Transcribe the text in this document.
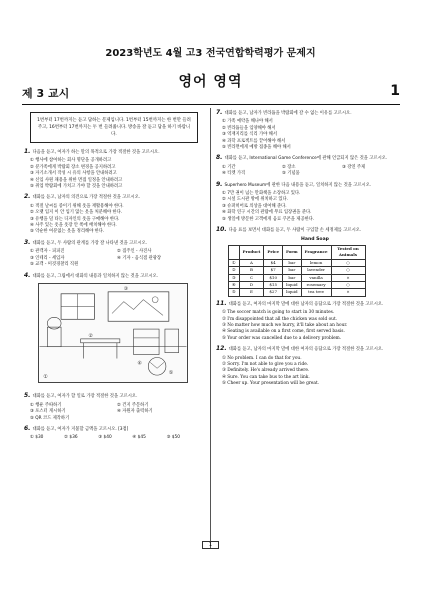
2023학년도 4월 고3 전국연합학력평가 문제지
영어 영역
제 3 교시	1
1번부터 17번까지는 듣고 답하는 문제입니다. 1번부터 15번까지는 한 번만 들려주고, 16번부터 17번까지는 두 번 들려줍니다. 방송을 잘 듣고 답을 하기 바랍니다.
1. 다음을 듣고, 여자가 하는 말의 목적으로 가장 적절한 것을 고르시오.
① 행사에 참여하는 회사 명단을 공개하려고
② 분가족에게 박람회 장소 변경을 공지하려고
③ 자기소개서 작성 시 유의 사항을 안내하려고
④ 신입 사원 채용을 위한 면접 일정을 안내하려고
⑤ 취업 박람회에 가치고 가야 할 것을 안내하려고
2. 대화를 듣고, 남자의 의견으로 가장 적절한 것을 고르시오.
① 적절 날씨를 증이기 위해 옷을 재활용해야 한다.
② 오랫 입지 이 안 입기 않는 옷을 처분해야 한다.
③ 유행을 덜 타는 디자인의 옷을 구매해야 한다.
④ 사주 있는 옷을 옷장 안 쪽에 배치해야 한다.
⑤ 악순한 여분없는 옷을 정리해야 한다.
3. 대화를 듣고, 두 사람의 관계를 가장 잘 나타낸 것을 고르시오.
① 관객자 - 피피진	② 집주인 - 사진사
③ 인테리 - 세입자	④ 기자 - 음식점 관광장
⑤ 교객 - 미것경찰리 직원
4. 대화를 듣고, 그림에서 대화의 내용과 일치하지 않는 것을 고르시오.
①
②
③
④
⑤
5. 대화를 듣고, 여자가 할 일로 가장 적절한 것을 고르시오.
① 행운 주따하기	② 건지 주문하기
③ 포스터 게시하기	④ 자원자 출력하기
⑤ QR 코드 제작하기
6. 대화를 듣고, 여자가 지불할 금액을 고르시오. [3점]
① $30	② $36	③ $40	④ $45	⑤ $50
7. 대화를 듣고, 남자가 빈라듐을 박람회에 갈 수 없는 이유를 고르시오.
① 가족 예약을 해나야 해서
② 빈라듐들을 입양해야 해서
③ 역재지리를 식리 가야 해서
④ 과학 프로젝트를 끝어해야 해서
⑤ 빈라면에게 예방 접종을 해야 해서
8. 대화를 듣고, International Game Conference에 관해 언급되지 않은 것을 고르시오.
① 기간	② 장소	③ 강연 주제
④ 티켓 가격	⑤ 기념품
9. Superhero Museum에 관한 다음 내용을 듣고, 일치하지 않는 것을 고르시오.
① 7만 권이 넘는 만화책을 소장하고 있다.
② 시설 도시관 방에 위치하고 있다.
③ 슈퍼히어로 의상을 대여해 준다.
④ 화학 연구 시간의 관람에 무료 입장권을 준다.
⑤ 생일에 방문한 고객에게 음료 쿠폰을 제공한다.
10. 다음 표를 보면서 대화를 듣고, 두 사람이 구입할 손 세정제를 고르시오.
Hand Soap
	Product	Price	Form	Fragrance	Tested on Animals
①	A	$4	bar	lemon	○
②	B	$7	bar	lavender	○
③	C	$10	bar	vanilla	×
④	D	$15	liquid	rosemary	○
⑤	E	$27	liquid	tea tree	×
11. 대화를 듣고, 여자의 마지막 말에 대한 남자의 응답으로 가장 적절한 것을 고르시오.
① The soccer match is going to start in 30 minutes.
② I'm disappointed that all the chicken was sold out.
③ No matter how much we hurry, it'll take about an hour.
④ Seating is available on a first come, first served basis.
⑤ Your order was cancelled due to a delivery problem.
12. 대화를 듣고, 남자의 마지막 말에 대한 여자의 응답으로 가장 적절한 것을 고르시오.
① No problem. I can do that for you.
② Sorry. I'm not able to give you a ride.
③ Definitely. He's already arrived there.
④ Sure. You can take bus to the art link.
⑤ Cheer up. Your presentation will be great.
1
